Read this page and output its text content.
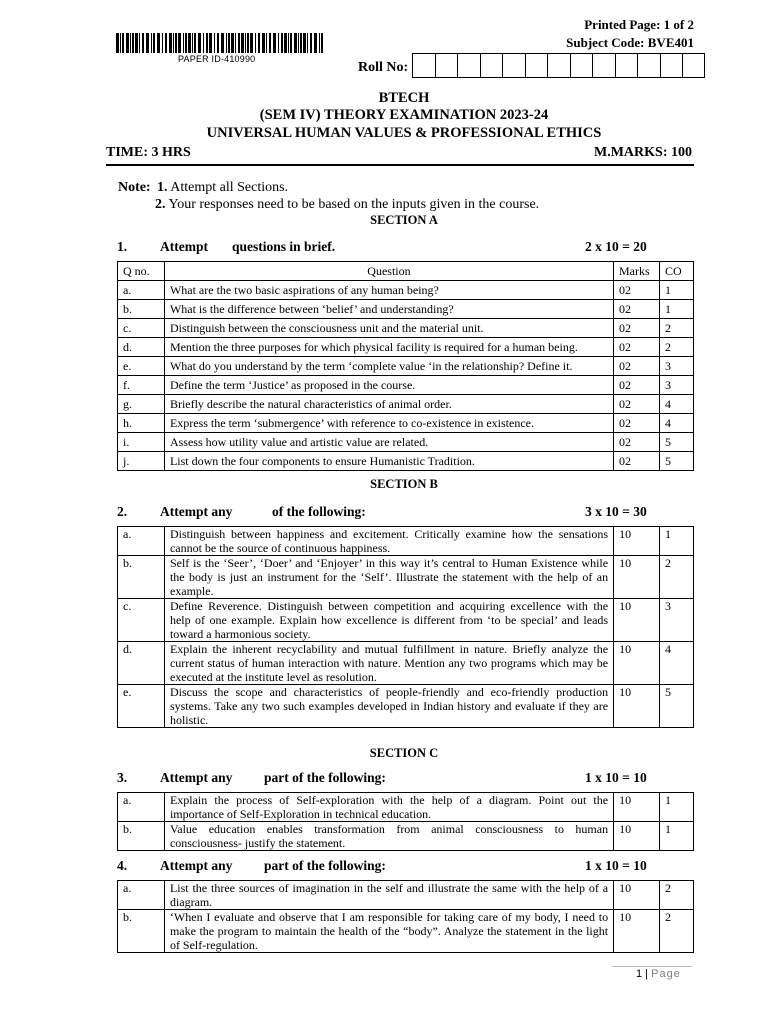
PAPER ID-410990
Printed Page: 1 of 2
Subject Code: BVE401
Roll No:
BTECH
(SEM IV) THEORY EXAMINATION 2023-24
UNIVERSAL HUMAN VALUES & PROFESSIONAL ETHICS
TIME: 3 HRS	M.MARKS: 100
Note: 1. Attempt all Sections.
2. Your responses need to be based on the inputs given in the course.
SECTION A
1. Attempt questions in brief.	2 x 10 = 20
Q no.	Question	Marks	CO
a.	What are the two basic aspirations of any human being?	02	1
b.	What is the difference between ‘belief’ and understanding?	02	1
c.	Distinguish between the consciousness unit and the material unit.	02	2
d.	Mention the three purposes for which physical facility is required for a human being.	02	2
e.	What do you understand by the term ‘complete value ‘in the relationship? Define it.	02	3
f.	Define the term ‘Justice’ as proposed in the course.	02	3
g.	Briefly describe the natural characteristics of animal order.	02	4
h.	Express the term ‘submergence’ with reference to co-existence in existence.	02	4
i.	Assess how utility value and artistic value are related.	02	5
j.	List down the four components to ensure Humanistic Tradition.	02	5
SECTION B
2. Attempt any	of the following:	3 x 10 = 30
a.	Distinguish between happiness and excitement. Critically examine how the sensations cannot be the source of continuous happiness.	10	1
b.	Self is the ‘Seer’, ‘Doer’ and ‘Enjoyer’ in this way it’s central to Human Existence while the body is just an instrument for the ‘Self’. Illustrate the statement with the help of an example.	10	2
c.	Define Reverence. Distinguish between competition and acquiring excellence with the help of one example. Explain how excellence is different from ‘to be special’ and leads toward a harmonious society.	10	3
d.	Explain the inherent recyclability and mutual fulfillment in nature. Briefly analyze the current status of human interaction with nature. Mention any two programs which may be executed at the institute level as resolution.	10	4
e.	Discuss the scope and characteristics of people-friendly and eco-friendly production systems. Take any two such examples developed in Indian history and evaluate if they are holistic.	10	5
SECTION C
3. Attempt any part of the following:	1 x 10 = 10
a.	Explain the process of Self-exploration with the help of a diagram. Point out the importance of Self-Exploration in technical education.	10	1
b.	Value education enables transformation from animal consciousness to human consciousness- justify the statement.	10	1
4. Attempt any part of the following:	1 x 10 = 10
a.	List the three sources of imagination in the self and illustrate the same with the help of a diagram.	10	2
b.	‘When I evaluate and observe that I am responsible for taking care of my body, I need to make the program to maintain the health of the “body”. Analyze the statement in the light of Self-regulation.	10	2
1 | Page
